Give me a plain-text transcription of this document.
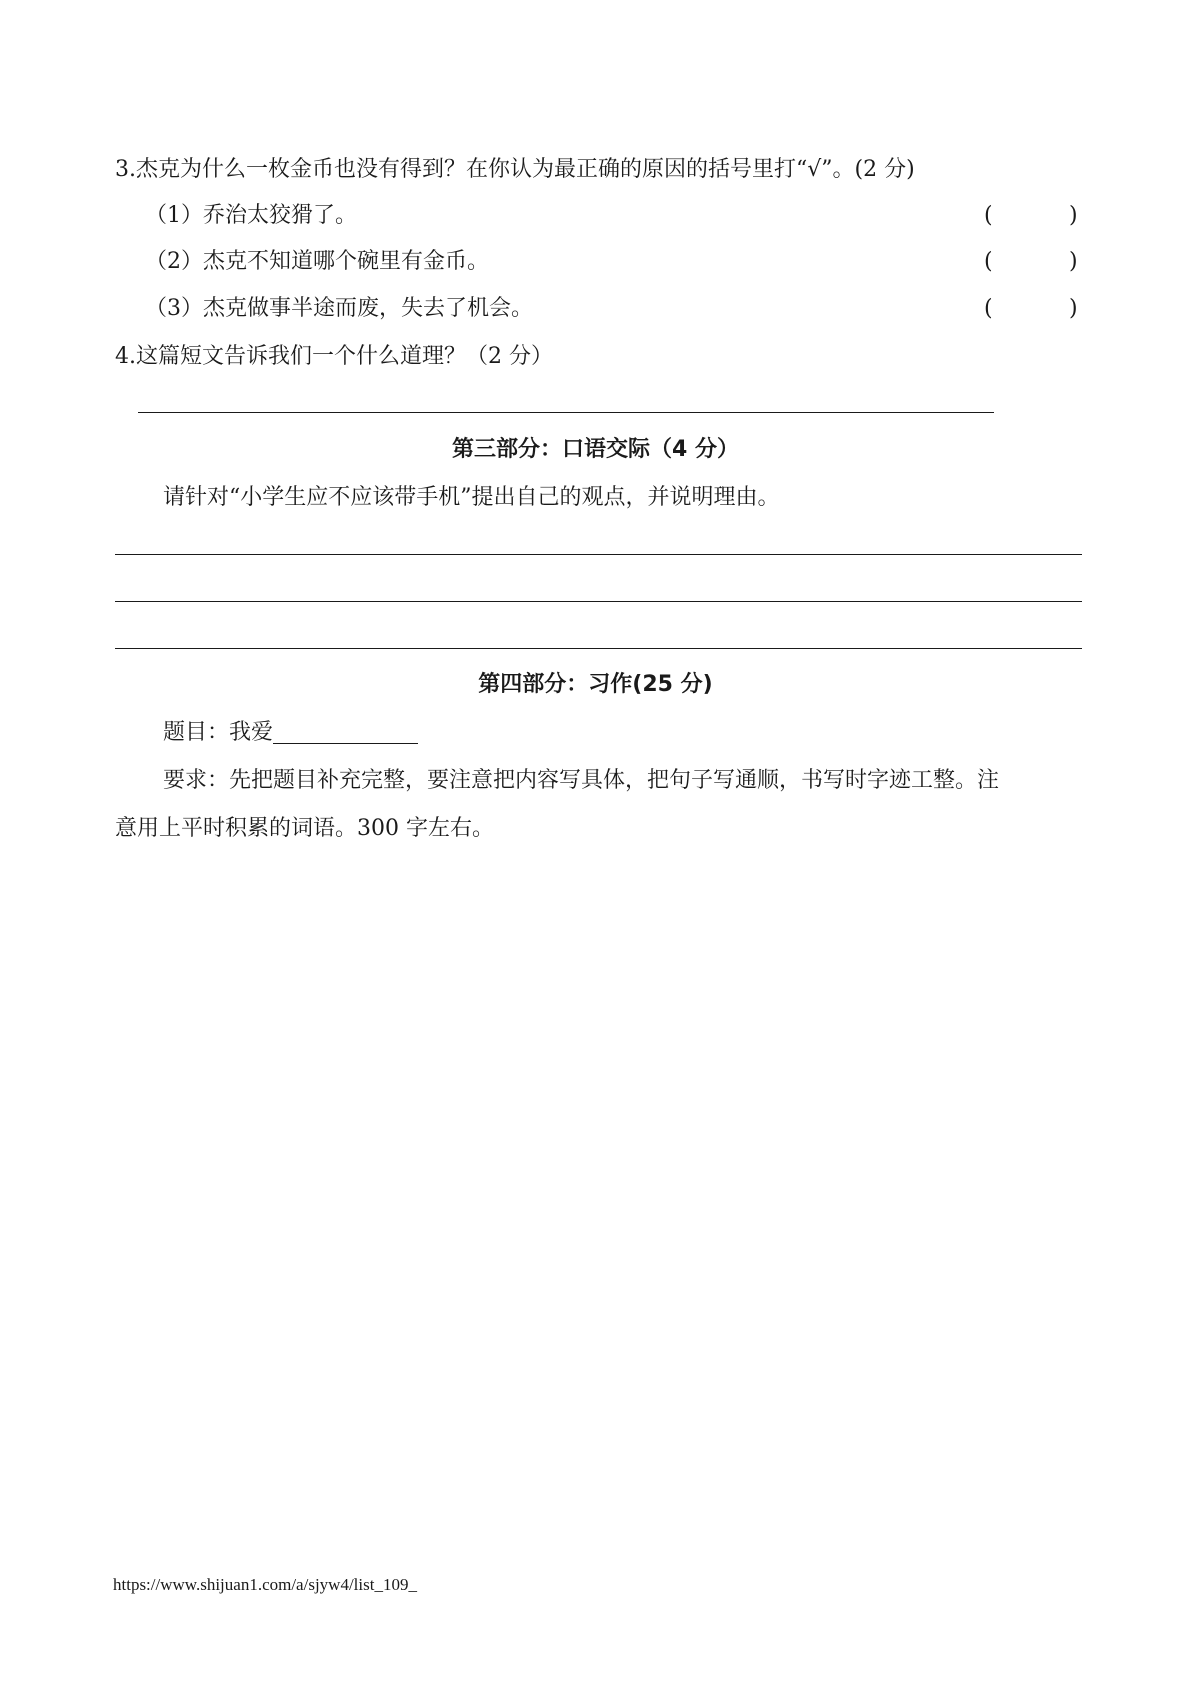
3.杰克为什么一枚金币也没有得到？在你认为最正确的原因的括号里打“√”。(2 分)
（1）乔治太狡猾了。	(	)
（2）杰克不知道哪个碗里有金币。	(	)
（3）杰克做事半途而废，失去了机会。	(	)
4.这篇短文告诉我们一个什么道理？（2 分）
第三部分：口语交际（4 分）
请针对“小学生应不应该带手机”提出自己的观点，并说明理由。
第四部分：习作(25 分)
题目：我爱
要求：先把题目补充完整，要注意把内容写具体，把句子写通顺，书写时字迹工整。注
意用上平时积累的词语。300 字左右。
https://www.shijuan1.com/a/sjyw4/list_109_
